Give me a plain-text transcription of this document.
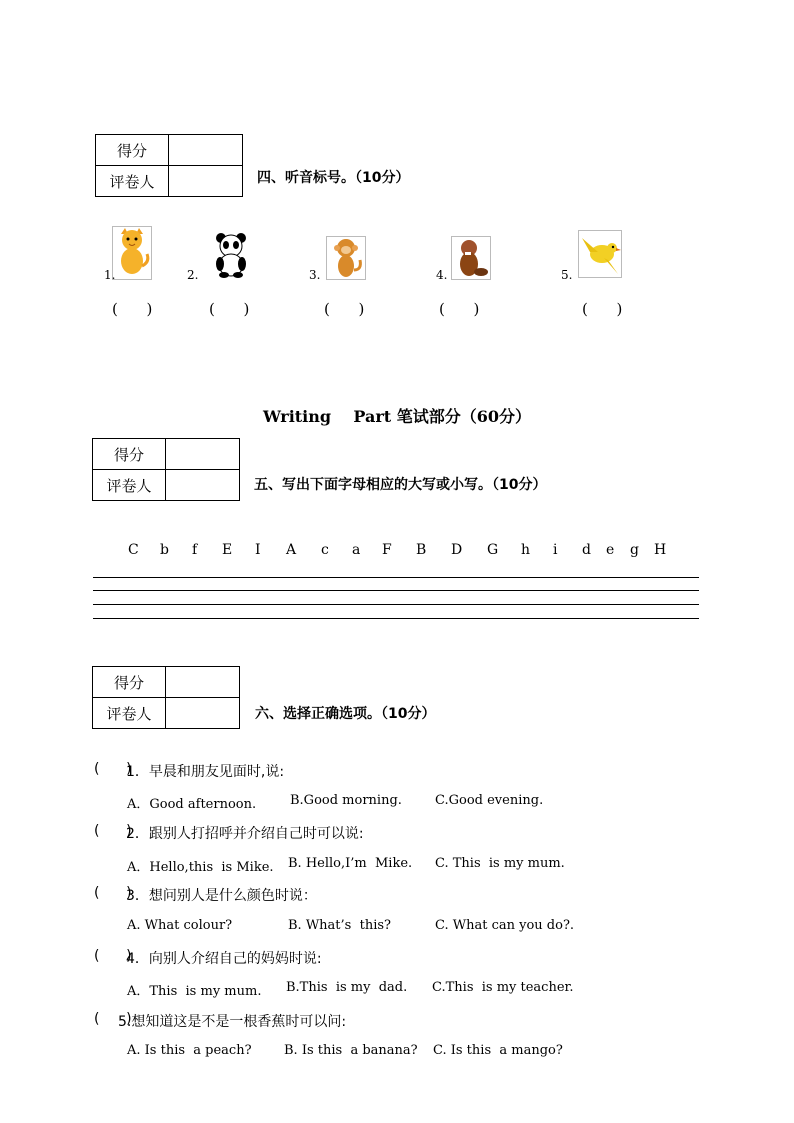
得分	
评卷人		四、听音标号。（10分）
1.	2.	3.	4.	5.
(      )	(      )	(      )	(      )	(      )
Writing    Part 笔试部分（60分）
得分	
评卷人		五、写出下面字母相应的大写或小写。（10分）
C b f E I A c a F B D G h i d e g H
得分	
评卷人		六、选择正确选项。（10分）
(      )
1．早晨和朋友见面时,说:
A．Good afternoon.	B.Good morning.	C.Good evening.
(      )
2．跟别人打招呼并介绍自己时可以说:
A．Hello,this  is Mike. B. Hello,I’m  Mike. C. This  is my mum.
(      )
3．想问别人是什么颜色时说：
A. What colour?	B. What’s  this?	C. What can you do?.
(      )
4．向别人介绍自己的妈妈时说:
A．This  is my mum. B.This  is my  dad. C.This  is my teacher.
(      )
5.想知道这是不是一根香蕉时可以问:
A. Is this  a peach? B. Is this  a banana? C. Is this  a mango?
